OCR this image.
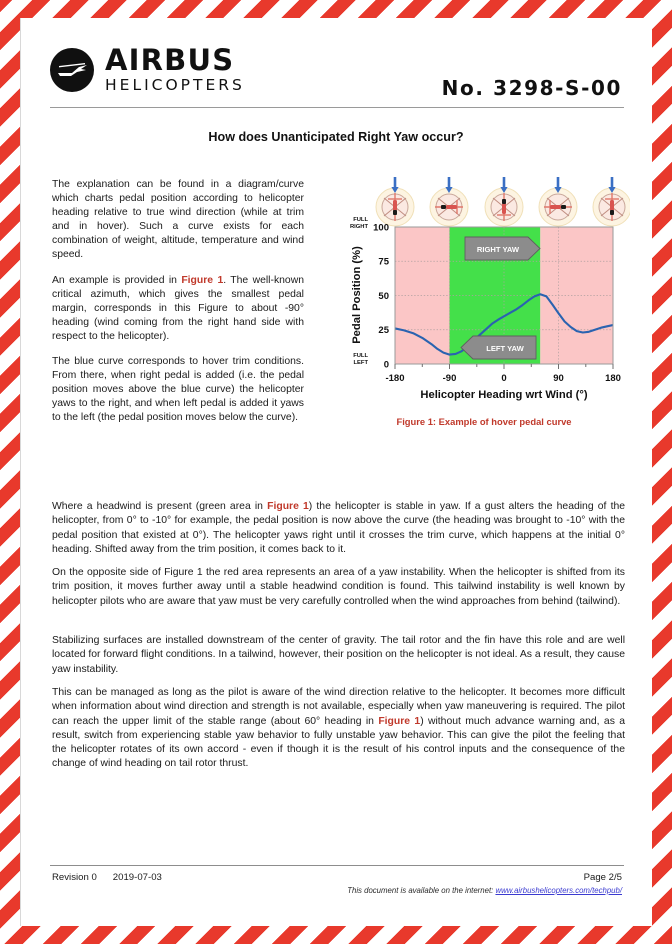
AIRBUS
HELICOPTERS	No. 3298-S-00
How does Unanticipated Right Yaw occur?

The explanation can be found in a diagram/curve which charts pedal position according to helicopter heading relative to true wind direction (while at trim and in hover). Such a curve exists for each combination of weight, altitude, temperature and wind speed.

An example is provided in Figure 1. The well-known critical azimuth, which gives the smallest pedal margin, corresponds in this Figure to about -90° heading (wind coming from the right hand side with respect to the helicopter).

The blue curve corresponds to hover trim conditions. From there, when right pedal is added (i.e. the pedal position moves above the blue curve) the helicopter yaws to the right, and when left pedal is added it yaws to the left (the pedal position moves below the curve).

100
75
50
25
0
-180	-90	0	90	180
Helicopter Heading wrt Wind (°)
Pedal Position (%)
FULL
RIGHT
FULL
LEFT
RIGHT YAW
LEFT YAW
Figure 1: Example of hover pedal curve

Where a headwind is present (green area in Figure 1) the helicopter is stable in yaw. If a gust alters the heading of the helicopter, from 0° to -10° for example, the pedal position is now above the curve (the heading was brought to -10° with the pedal position that existed at 0°). The helicopter yaws right until it crosses the trim curve, which happens at the initial 0° heading. Shifted away from the trim position, it comes back to it.

On the opposite side of Figure 1 the red area represents an area of a yaw instability. When the helicopter is shifted from its trim position, it moves further away until a stable headwind condition is found. This tailwind instability is well known by helicopter pilots who are aware that yaw must be very carefully controlled when the wind approaches from behind (tailwind).

Stabilizing surfaces are installed downstream of the center of gravity. The tail rotor and the fin have this role and are well located for forward flight conditions. In a tailwind, however, their position on the helicopter is not ideal. As a result, they cause yaw instability.

This can be managed as long as the pilot is aware of the wind direction relative to the helicopter. It becomes more difficult when information about wind direction and strength is not available, especially when yaw maneuvering is required. The pilot can reach the upper limit of the stable range (about 60° heading in Figure 1) without much advance warning and, as a result, switch from experiencing stable yaw behavior to fully unstable yaw behavior. This can give the pilot the feeling that the helicopter rotates of its own accord - even if though it is the result of his control inputs and the consequence of the change of wind heading on tail rotor thrust.

Revision 0 2019-07-03	Page 2/5
This document is available on the internet: www.airbushelicopters.com/techpub/
